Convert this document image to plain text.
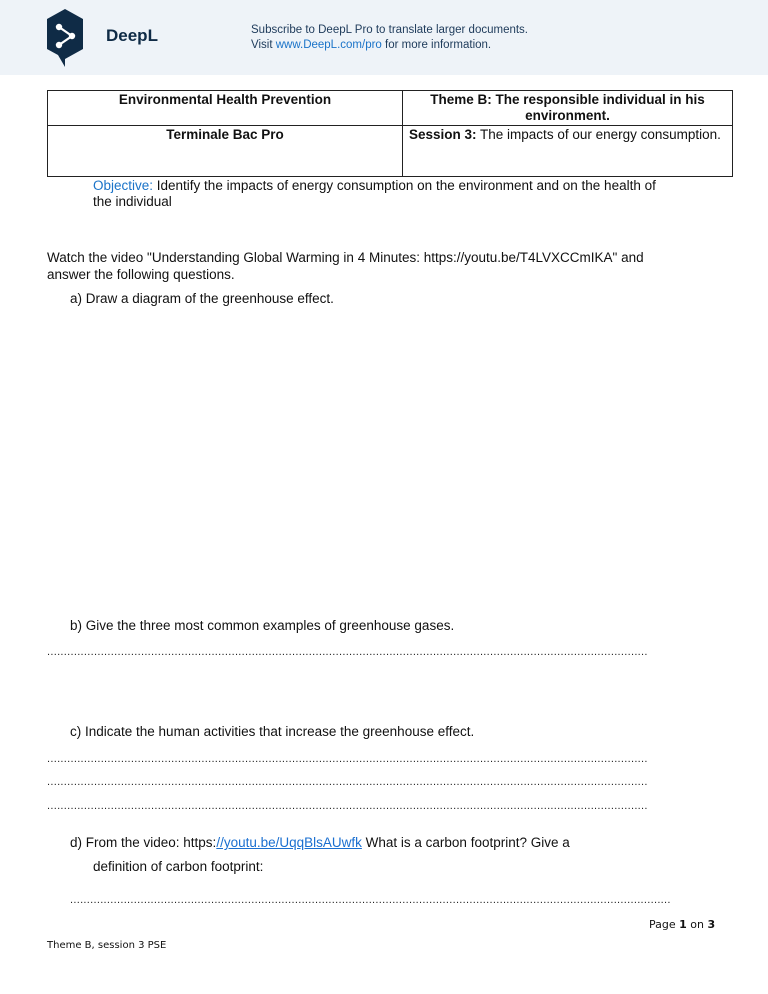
DeepL	Subscribe to DeepL Pro to translate larger documents.
Visit www.DeepL.com/pro for more information.
Environmental Health Prevention	Theme B: The responsible individual in his environment.
Terminale Bac Pro	Session 3: The impacts of our energy consumption.
Objective: Identify the impacts of energy consumption on the environment and on the health of
the individual
Watch the video "Understanding Global Warming in 4 Minutes: https://youtu.be/T4LVXCCmIKA" and
answer the following questions.
a) Draw a diagram of the greenhouse effect.
b) Give the three most common examples of greenhouse gases.
...................................................................................................................................................................................
c) Indicate the human activities that increase the greenhouse effect.
...................................................................................................................................................................................
...................................................................................................................................................................................
...................................................................................................................................................................................
d) From the video: https://youtu.be/UqqBlsAUwfk What is a carbon footprint? Give a
definition of carbon footprint:
...................................................................................................................................................................................
Page 1 on 3
Theme B, session 3 PSE
